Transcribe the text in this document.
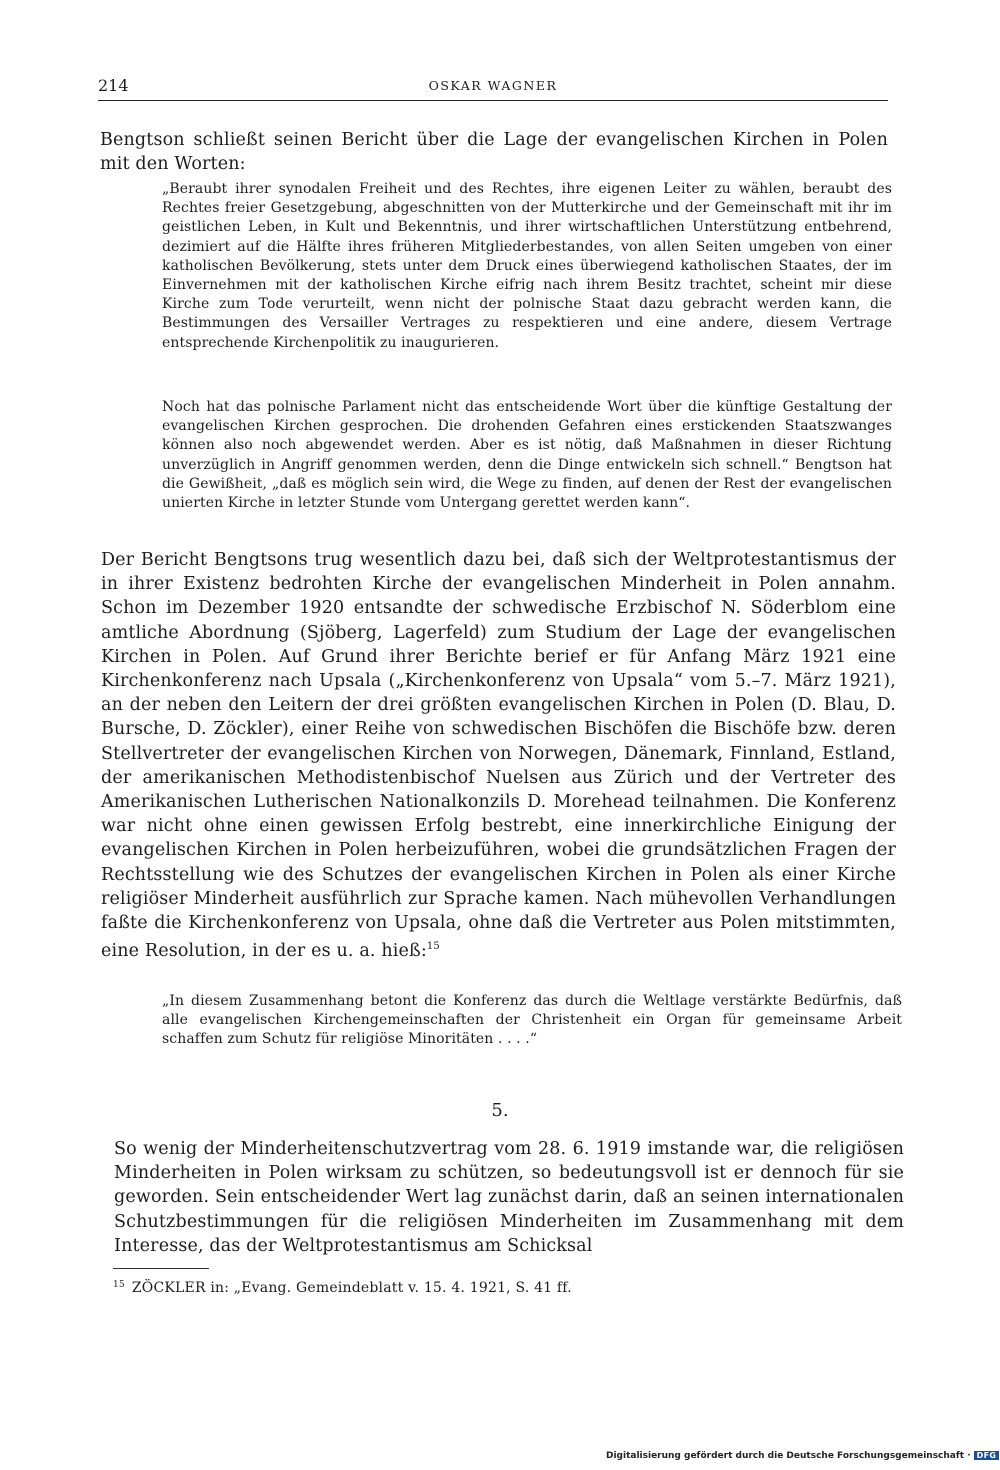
214	OSKAR WAGNER

Bengtson schließt seinen Bericht über die Lage der evangelischen Kirchen in Polen mit den Worten:

„Beraubt ihrer synodalen Freiheit und des Rechtes, ihre eigenen Leiter zu wählen, beraubt des Rechtes freier Gesetzgebung, abgeschnitten von der Mutterkirche und der Gemeinschaft mit ihr im geistlichen Leben, in Kult und Bekenntnis, und ihrer wirtschaftlichen Unterstützung entbehrend, dezimiert auf die Hälfte ihres früheren Mitgliederbestandes, von allen Seiten umgeben von einer katholischen Bevölkerung, stets unter dem Druck eines überwiegend katholischen Staates, der im Einvernehmen mit der katholischen Kirche eifrig nach ihrem Besitz trachtet, scheint mir diese Kirche zum Tode verurteilt, wenn nicht der polnische Staat dazu gebracht werden kann, die Bestimmungen des Versailler Vertrages zu respektieren und eine andere, diesem Vertrage entsprechende Kirchenpolitik zu inaugurieren.

Noch hat das polnische Parlament nicht das entscheidende Wort über die künftige Gestaltung der evangelischen Kirchen gesprochen. Die drohenden Gefahren eines erstickenden Staatszwanges können also noch abgewendet werden. Aber es ist nötig, daß Maßnahmen in dieser Richtung unverzüglich in Angriff genommen werden, denn die Dinge entwickeln sich schnell.“ Bengtson hat die Gewißheit, „daß es möglich sein wird, die Wege zu finden, auf denen der Rest der evangelischen unierten Kirche in letzter Stunde vom Untergang gerettet werden kann“.

Der Bericht Bengtsons trug wesentlich dazu bei, daß sich der Weltprotestantismus der in ihrer Existenz bedrohten Kirche der evangelischen Minderheit in Polen annahm. Schon im Dezember 1920 entsandte der schwedische Erzbischof N. Söderblom eine amtliche Abordnung (Sjöberg, Lagerfeld) zum Studium der Lage der evangelischen Kirchen in Polen. Auf Grund ihrer Berichte berief er für Anfang März 1921 eine Kirchenkonferenz nach Upsala („Kirchenkonferenz von Upsala“ vom 5.–7. März 1921), an der neben den Leitern der drei größten evangelischen Kirchen in Polen (D. Blau, D. Bursche, D. Zöckler), einer Reihe von schwedischen Bischöfen die Bischöfe bzw. deren Stellvertreter der evangelischen Kirchen von Norwegen, Dänemark, Finnland, Estland, der amerikanischen Methodistenbischof Nuelsen aus Zürich und der Vertreter des Amerikanischen Lutherischen Nationalkonzils D. Morehead teilnahmen. Die Konferenz war nicht ohne einen gewissen Erfolg bestrebt, eine innerkirchliche Einigung der evangelischen Kirchen in Polen herbeizuführen, wobei die grundsätzlichen Fragen der Rechtsstellung wie des Schutzes der evangelischen Kirchen in Polen als einer Kirche religiöser Minderheit ausführlich zur Sprache kamen. Nach mühevollen Verhandlungen faßte die Kirchenkonferenz von Upsala, ohne daß die Vertreter aus Polen mitstimmten, eine Resolution, in der es u. a. hieß:$^{15}$

„In diesem Zusammenhang betont die Konferenz das durch die Weltlage verstärkte Bedürfnis, daß alle evangelischen Kirchengemeinschaften der Christenheit ein Organ für gemeinsame Arbeit schaffen zum Schutz für religiöse Minoritäten . . . .“

5.

So wenig der Minderheitenschutzvertrag vom 28. 6. 1919 imstande war, die religiösen Minderheiten in Polen wirksam zu schützen, so bedeutungsvoll ist er dennoch für sie geworden. Sein entscheidender Wert lag zunächst darin, daß an seinen internationalen Schutzbestimmungen für die religiösen Minderheiten im Zusammenhang mit dem Interesse, das der Weltprotestantismus am Schicksal

$^{15}$ ZÖCKLER in: „Evang. Gemeindeblatt v. 15. 4. 1921, S. 41 ff.
Digitalisierung gefördert durch die Deutsche Forschungsgemeinschaft · DFG
